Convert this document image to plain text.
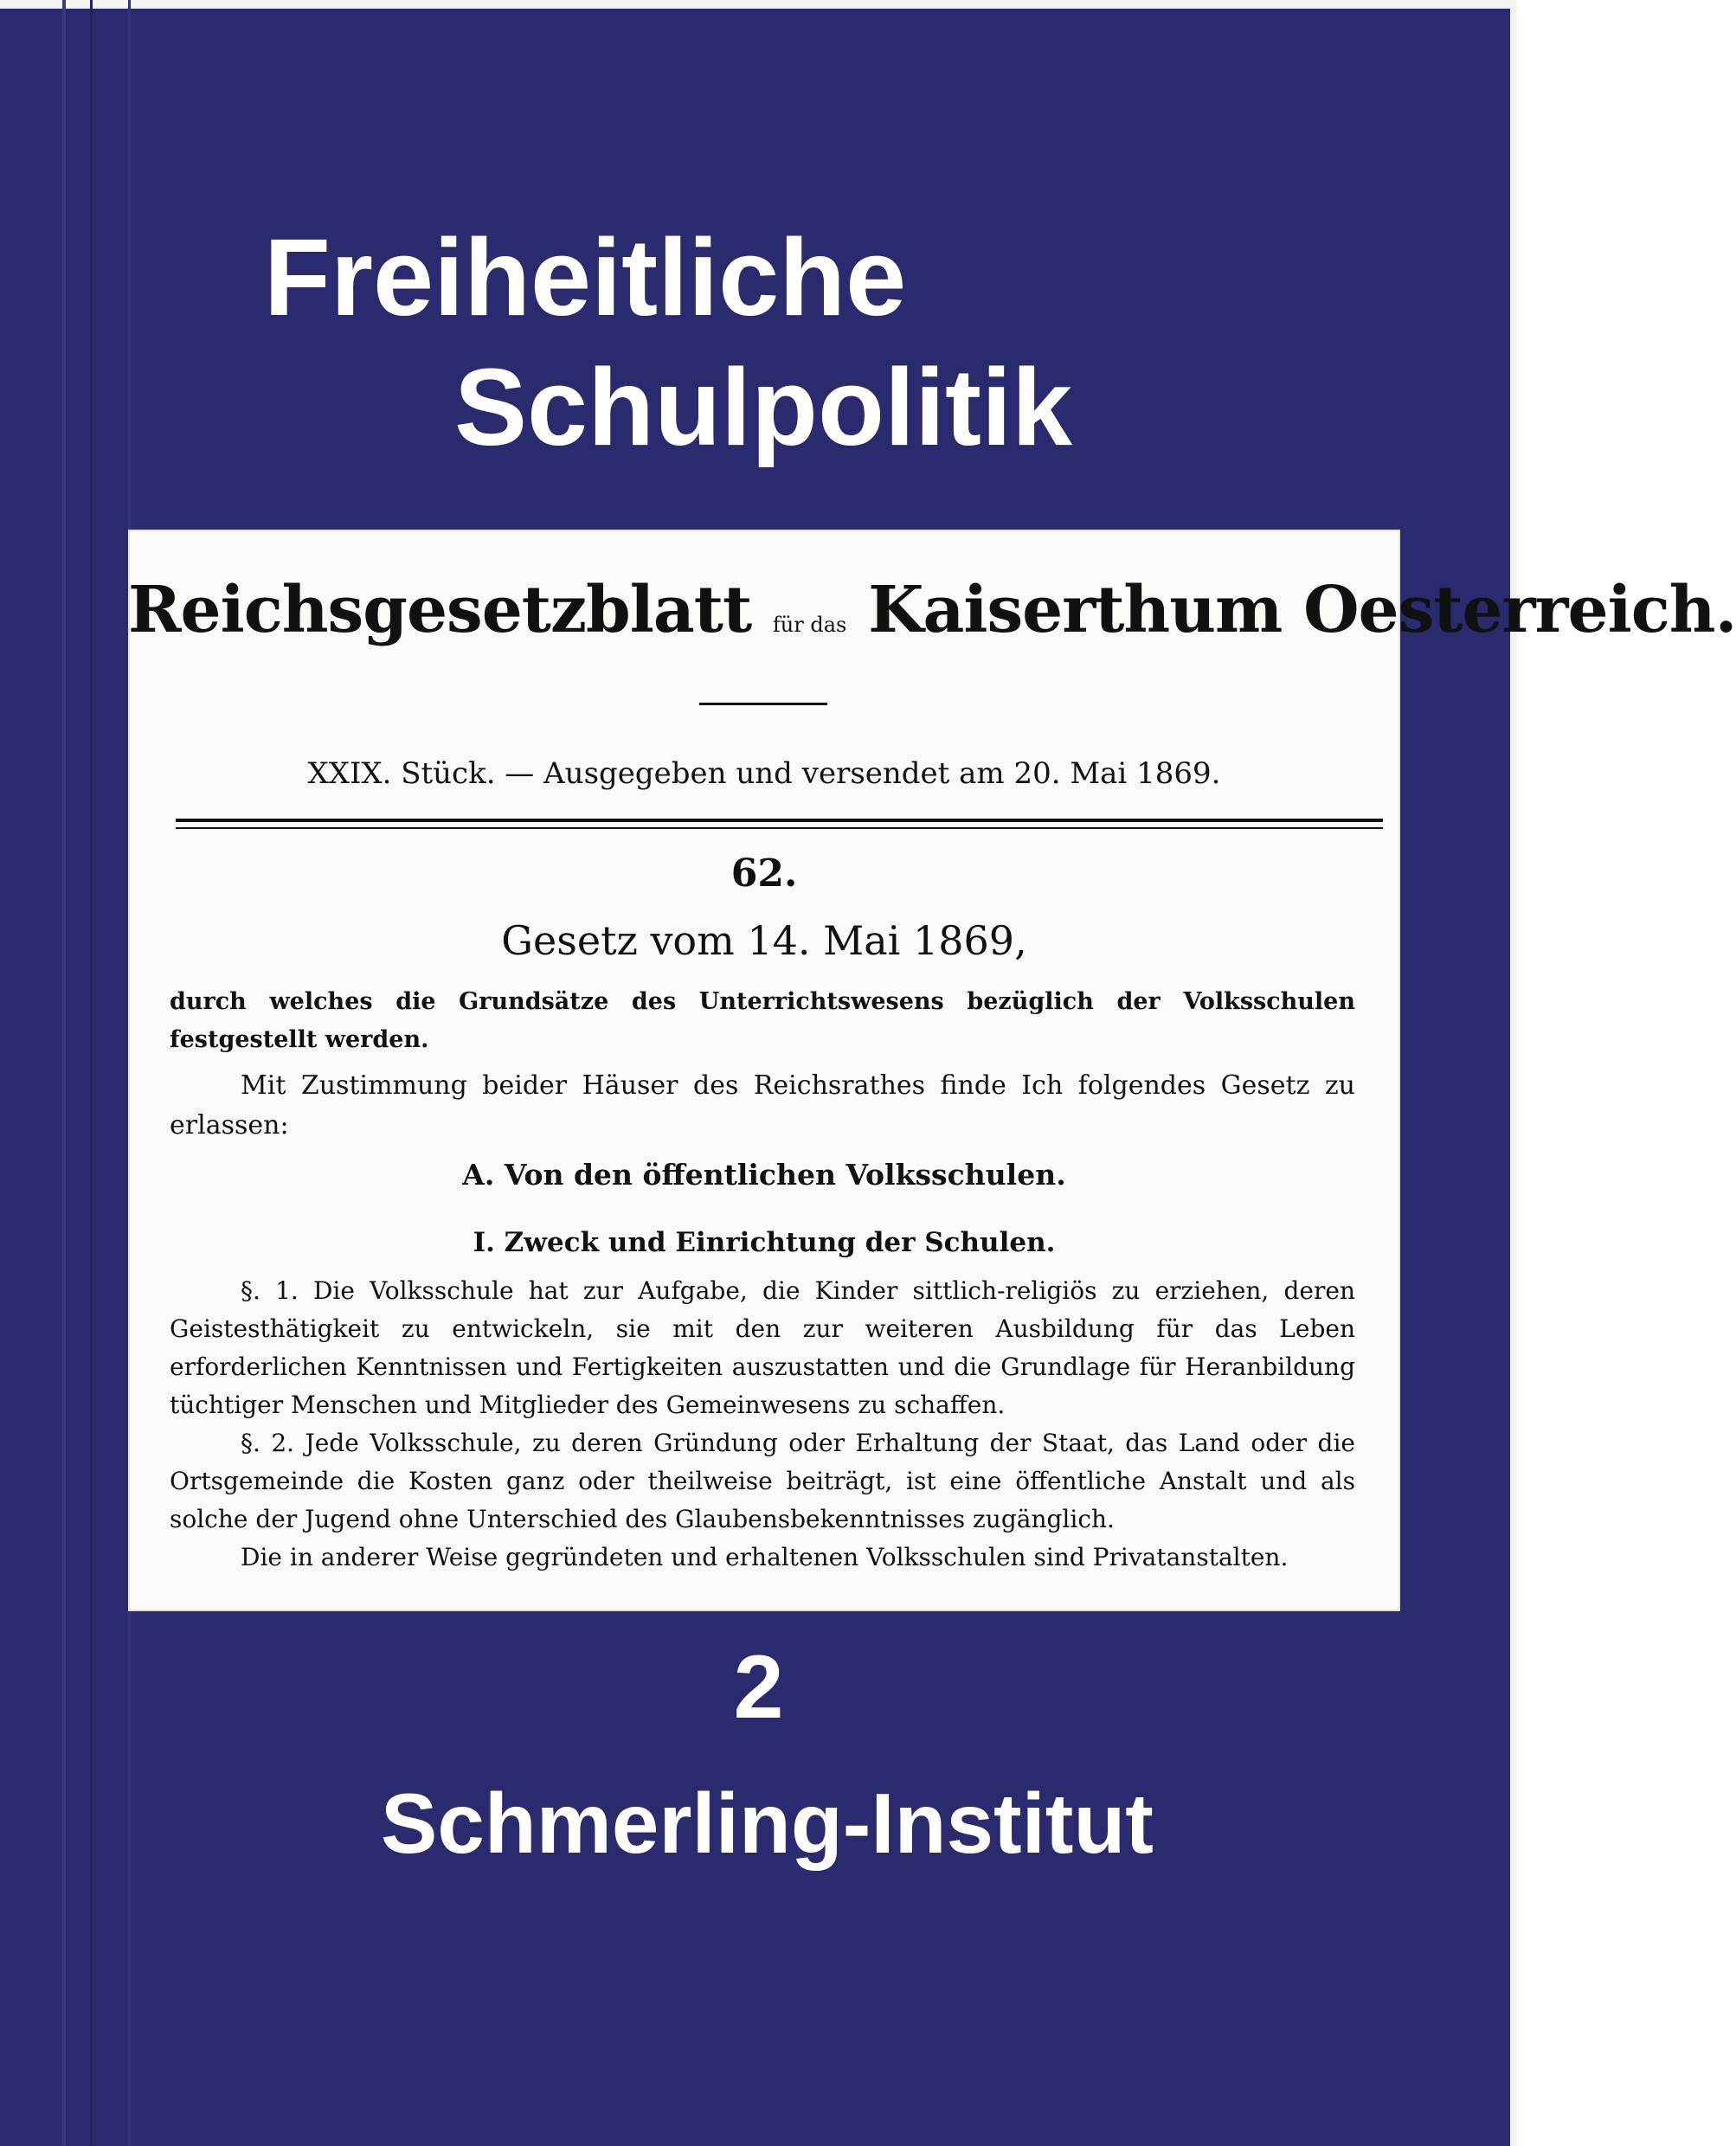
Freiheitliche
Schulpolitik

Reichsgesetzblatt für das Kaiserthum Oesterreich.

XXIX. Stück. — Ausgegeben und versendet am 20. Mai 1869.

62.

Gesetz vom 14. Mai 1869,

durch welches die Grundsätze des Unterrichtswesens bezüglich der Volksschulen festgestellt werden.

Mit Zustimmung beider Häuser des Reichsrathes finde Ich folgendes Gesetz zu erlassen:

A. Von den öffentlichen Volksschulen.

I. Zweck und Einrichtung der Schulen.

§. 1. Die Volksschule hat zur Aufgabe, die Kinder sittlich-religiös zu erziehen, deren Geistesthätigkeit zu entwickeln, sie mit den zur weiteren Ausbildung für das Leben erforderlichen Kenntnissen und Fertigkeiten auszustatten und die Grundlage für Heranbildung tüchtiger Menschen und Mitglieder des Gemeinwesens zu schaffen.

§. 2. Jede Volksschule, zu deren Gründung oder Erhaltung der Staat, das Land oder die Ortsgemeinde die Kosten ganz oder theilweise beiträgt, ist eine öffentliche Anstalt und als solche der Jugend ohne Unterschied des Glaubensbekenntnisses zugänglich.

Die in anderer Weise gegründeten und erhaltenen Volksschulen sind Privatanstalten.

2

Schmerling-Institut
